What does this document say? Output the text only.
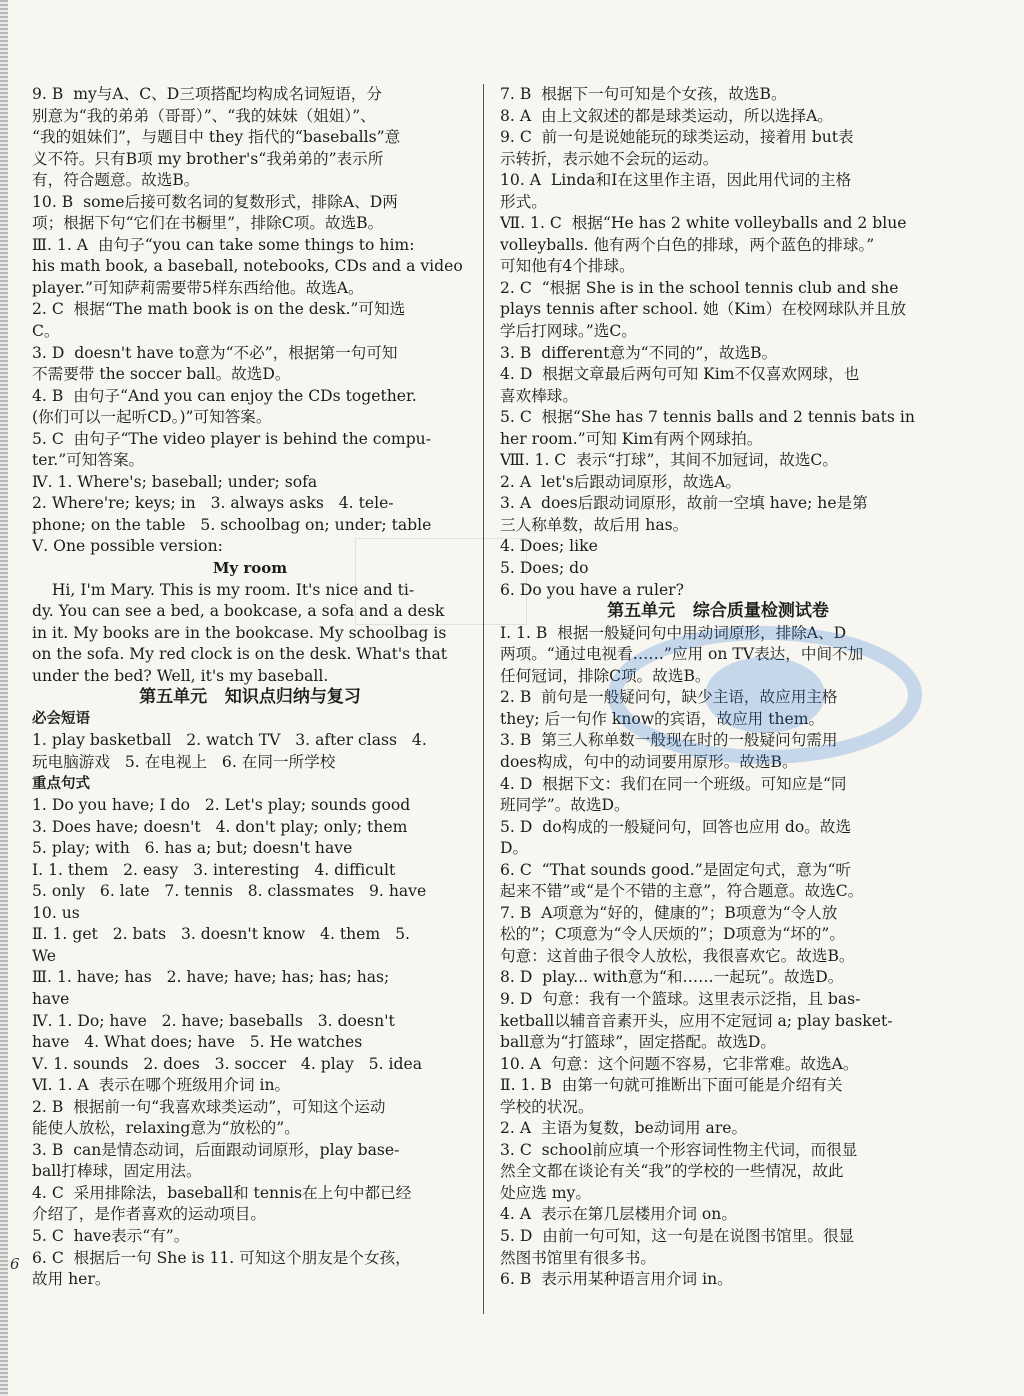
9. B  my与A、C、D三项搭配均构成名词短语，分
别意为“我的弟弟（哥哥）”、“我的妹妹（姐姐）”、
“我的姐妹们”，与题目中 they 指代的“baseballs”意
义不符。只有B项 my brother's“我弟弟的”表示所
有，符合题意。故选B。
10. B  some后接可数名词的复数形式，排除A、D两
项；根据下句“它们在书橱里”，排除C项。故选B。
Ⅲ. 1. A  由句子“you can take some things to him:
his math book, a baseball, notebooks, CDs and a video
player.”可知萨莉需要带5样东西给他。故选A。
2. C  根据“The math book is on the desk.”可知选
C。
3. D  doesn't have to意为“不必”，根据第一句可知
不需要带 the soccer ball。故选D。
4. B  由句子“And you can enjoy the CDs together.
(你们可以一起听CD。)”可知答案。
5. C  由句子“The video player is behind the compu-
ter.”可知答案。
Ⅳ. 1. Where's; baseball; under; sofa
2. Where're; keys; in   3. always asks   4. tele-
phone; on the table   5. schoolbag on; under; table
Ⅴ. One possible version:
My room
Hi, I'm Mary. This is my room. It's nice and ti-
dy. You can see a bed, a bookcase, a sofa and a desk
in it. My books are in the bookcase. My schoolbag is
on the sofa. My red clock is on the desk. What's that
under the bed? Well, it's my baseball.
第五单元   知识点归纳与复习
必会短语
1. play basketball   2. watch TV   3. after class   4.
玩电脑游戏   5. 在电视上   6. 在同一所学校
重点句式
1. Do you have; I do   2. Let's play; sounds good
3. Does have; doesn't   4. don't play; only; them
5. play; with   6. has a; but; doesn't have
Ⅰ. 1. them   2. easy   3. interesting   4. difficult
5. only   6. late   7. tennis   8. classmates   9. have
10. us
Ⅱ. 1. get   2. bats   3. doesn't know   4. them   5.
We
Ⅲ. 1. have; has   2. have; have; has; has; has;
have
Ⅳ. 1. Do; have   2. have; baseballs   3. doesn't
have   4. What does; have   5. He watches
Ⅴ. 1. sounds   2. does   3. soccer   4. play   5. idea
Ⅵ. 1. A  表示在哪个班级用介词 in。
2. B  根据前一句“我喜欢球类运动”，可知这个运动
能使人放松，relaxing意为“放松的”。
3. B  can是情态动词，后面跟动词原形，play base-
ball打棒球，固定用法。
4. C  采用排除法，baseball和 tennis在上句中都已经
介绍了，是作者喜欢的运动项目。
5. C  have表示“有”。
6. C  根据后一句 She is 11. 可知这个朋友是个女孩，
故用 her。
7. B  根据下一句可知是个女孩，故选B。
8. A  由上文叙述的都是球类运动，所以选择A。
9. C  前一句是说她能玩的球类运动，接着用 but表
示转折，表示她不会玩的运动。
10. A  Linda和I在这里作主语，因此用代词的主格
形式。
Ⅶ. 1. C  根据“He has 2 white volleyballs and 2 blue
volleyballs. 他有两个白色的排球，两个蓝色的排球。”
可知他有4个排球。
2. C  “根据 She is in the school tennis club and she
plays tennis after school. 她（Kim）在校网球队并且放
学后打网球。”选C。
3. B  different意为“不同的”，故选B。
4. D  根据文章最后两句可知 Kim不仅喜欢网球，也
喜欢棒球。
5. C  根据“She has 7 tennis balls and 2 tennis bats in
her room.”可知 Kim有两个网球拍。
Ⅷ. 1. C  表示“打球”，其间不加冠词，故选C。
2. A  let's后跟动词原形，故选A。
3. A  does后跟动词原形，故前一空填 have; he是第
三人称单数，故后用 has。
4. Does; like
5. Does; do
6. Do you have a ruler?
第五单元   综合质量检测试卷
Ⅰ. 1. B  根据一般疑问句中用动词原形，排除A、D
两项。“通过电视看……”应用 on TV表达，中间不加
任何冠词，排除C项。故选B。
2. B  前句是一般疑问句，缺少主语，故应用主格
they; 后一句作 know的宾语，故应用 them。
3. B  第三人称单数一般现在时的一般疑问句需用
does构成，句中的动词要用原形。故选B。
4. D  根据下文：我们在同一个班级。可知应是“同
班同学”。故选D。
5. D  do构成的一般疑问句，回答也应用 do。故选
D。
6. C  “That sounds good.”是固定句式，意为“听
起来不错”或“是个不错的主意”，符合题意。故选C。
7. B  A项意为“好的，健康的”；B项意为“令人放
松的”；C项意为“令人厌烦的”；D项意为“坏的”。
句意：这首曲子很令人放松，我很喜欢它。故选B。
8. D  play... with意为“和……一起玩”。故选D。
9. D  句意：我有一个篮球。这里表示泛指，且 bas-
ketball以辅音音素开头，应用不定冠词 a; play basket-
ball意为“打篮球”，固定搭配。故选D。
10. A  句意：这个问题不容易，它非常难。故选A。
Ⅱ. 1. B  由第一句就可推断出下面可能是介绍有关
学校的状况。
2. A  主语为复数，be动词用 are。
3. C  school前应填一个形容词性物主代词，而很显
然全文都在谈论有关“我”的学校的一些情况，故此
处应选 my。
4. A  表示在第几层楼用介词 on。
5. D  由前一句可知，这一句是在说图书馆里。很显
然图书馆里有很多书。
6. B  表示用某种语言用介词 in。
6
